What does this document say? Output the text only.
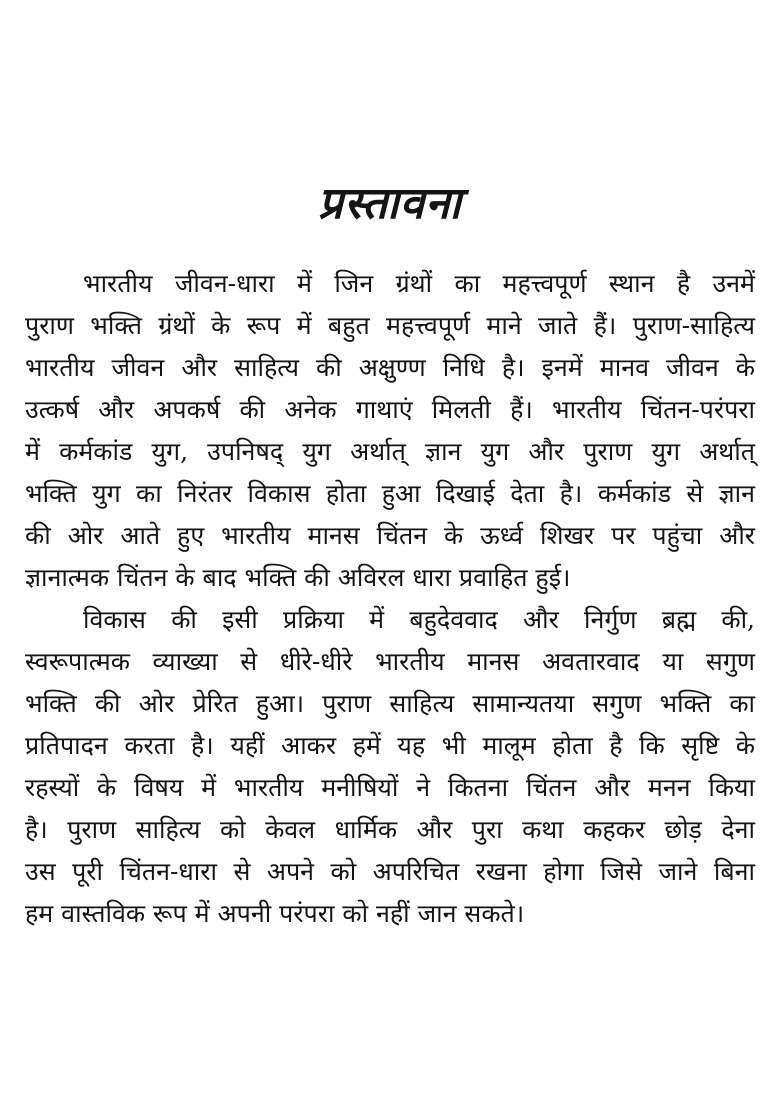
प्रस्तावना
भारतीय जीवन-धारा में जिन ग्रंथों का महत्त्वपूर्ण स्थान है उनमें
पुराण भक्ति ग्रंथों के रूप में बहुत महत्त्वपूर्ण माने जाते हैं। पुराण-साहित्य
भारतीय जीवन और साहित्य की अक्षुण्ण निधि है। इनमें मानव जीवन के
उत्कर्ष और अपकर्ष की अनेक गाथाएं मिलती हैं। भारतीय चिंतन-परंपरा
में कर्मकांड युग, उपनिषद् युग अर्थात् ज्ञान युग और पुराण युग अर्थात्
भक्ति युग का निरंतर विकास होता हुआ दिखाई देता है। कर्मकांड से ज्ञान
की ओर आते हुए भारतीय मानस चिंतन के ऊर्ध्व शिखर पर पहुंचा और
ज्ञानात्मक चिंतन के बाद भक्ति की अविरल धारा प्रवाहित हुई।
विकास की इसी प्रक्रिया में बहुदेववाद और निर्गुण ब्रह्म की,
स्वरूपात्मक व्याख्या से धीरे-धीरे भारतीय मानस अवतारवाद या सगुण
भक्ति की ओर प्रेरित हुआ। पुराण साहित्य सामान्यतया सगुण भक्ति का
प्रतिपादन करता है। यहीं आकर हमें यह भी मालूम होता है कि सृष्टि के
रहस्यों के विषय में भारतीय मनीषियों ने कितना चिंतन और मनन किया
है। पुराण साहित्य को केवल धार्मिक और पुरा कथा कहकर छोड़ देना
उस पूरी चिंतन-धारा से अपने को अपरिचित रखना होगा जिसे जाने बिना
हम वास्तविक रूप में अपनी परंपरा को नहीं जान सकते।
